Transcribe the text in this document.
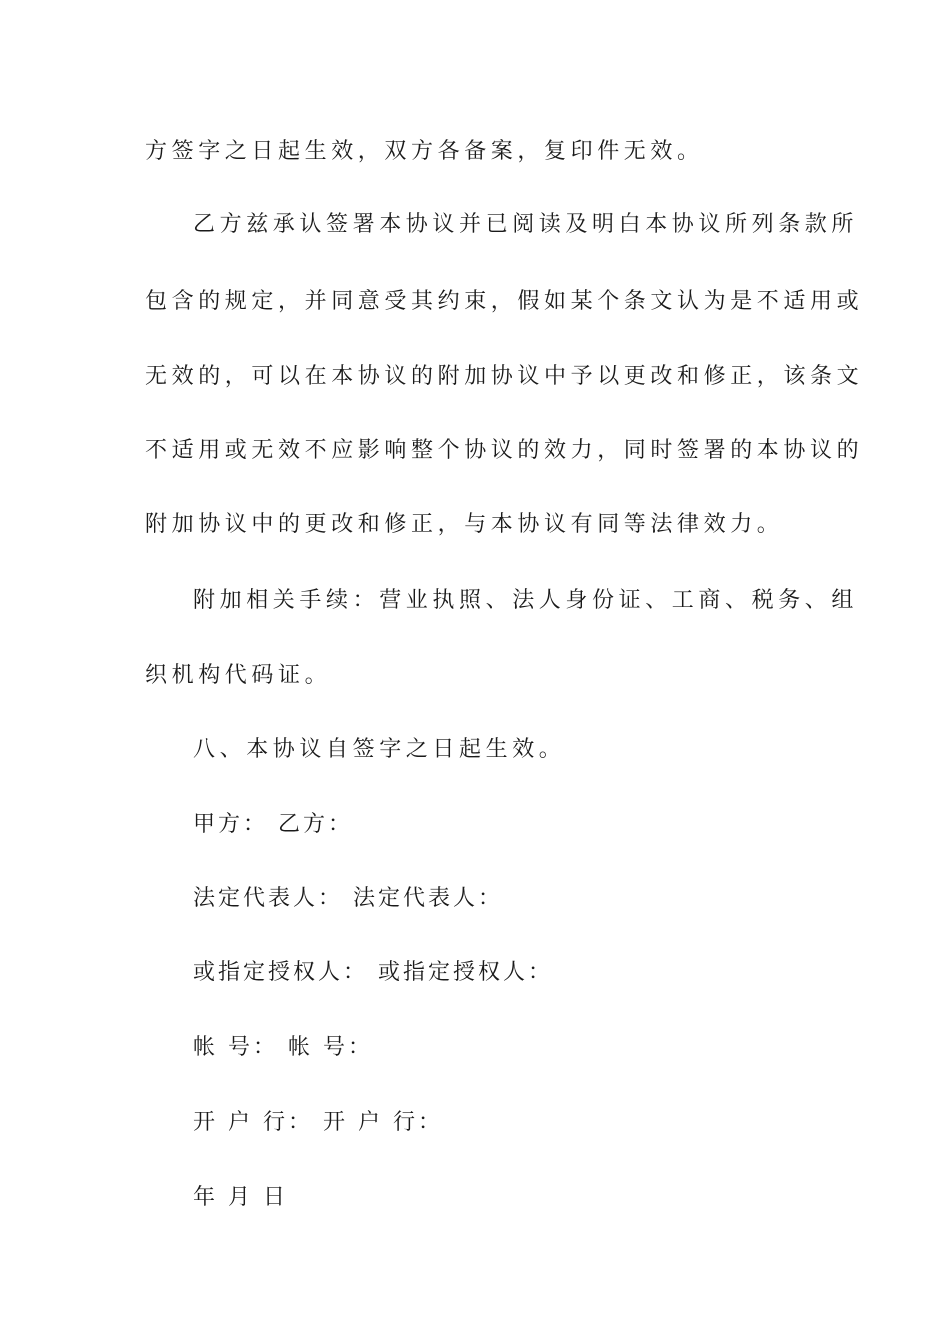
方签字之日起生效，双方各备案，复印件无效。
乙方兹承认签署本协议并已阅读及明白本协议所列条款所
包含的规定，并同意受其约束，假如某个条文认为是不适用或
无效的，可以在本协议的附加协议中予以更改和修正，该条文
不适用或无效不应影响整个协议的效力，同时签署的本协议的
附加协议中的更改和修正，与本协议有同等法律效力。
附加相关手续：营业执照、法人身份证、工商、税务、组
织机构代码证。
八、本协议自签字之日起生效。
甲方： 乙方：
法定代表人： 法定代表人：
或指定授权人： 或指定授权人：
帐 号： 帐 号：
开 户 行： 开 户 行：
年 月 日
